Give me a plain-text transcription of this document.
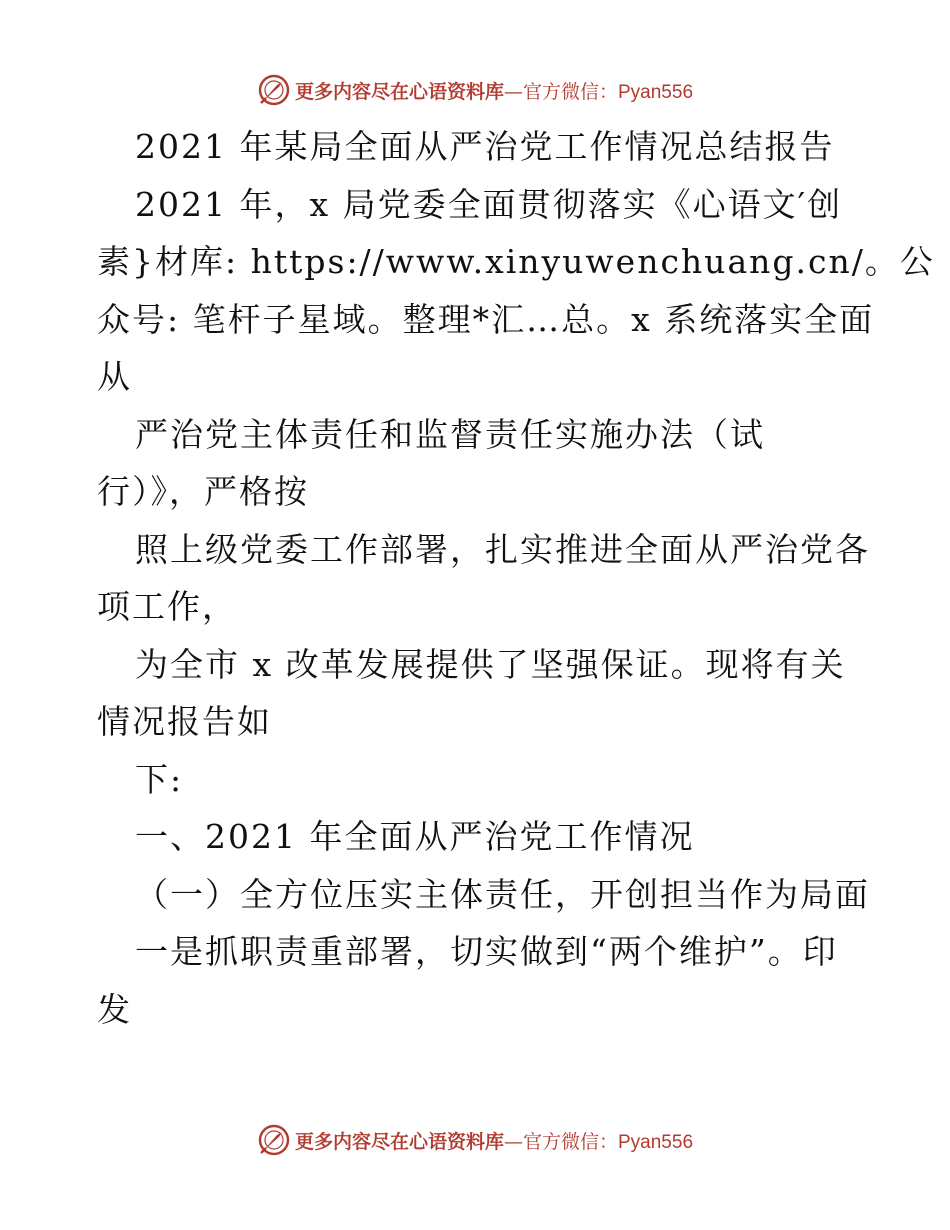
更多内容尽在心语资料库—官方微信：Pyan556
2021 年某局全面从严治党工作情况总结报告
2021 年，x 局党委全面贯彻落实《心语文′创
素}材库: https://www.xinyuwenchuang.cn/。公
众号: 笔杆子星域。整理*汇…总。x 系统落实全面
从
严治党主体责任和监督责任实施办法（试
行）》，严格按
照上级党委工作部署，扎实推进全面从严治党各
项工作，
为全市 x 改革发展提供了坚强保证。现将有关
情况报告如
下:
一、2021 年全面从严治党工作情况
（一）全方位压实主体责任，开创担当作为局面
一是抓职责重部署，切实做到“两个维护”。印
发
更多内容尽在心语资料库—官方微信：Pyan556
